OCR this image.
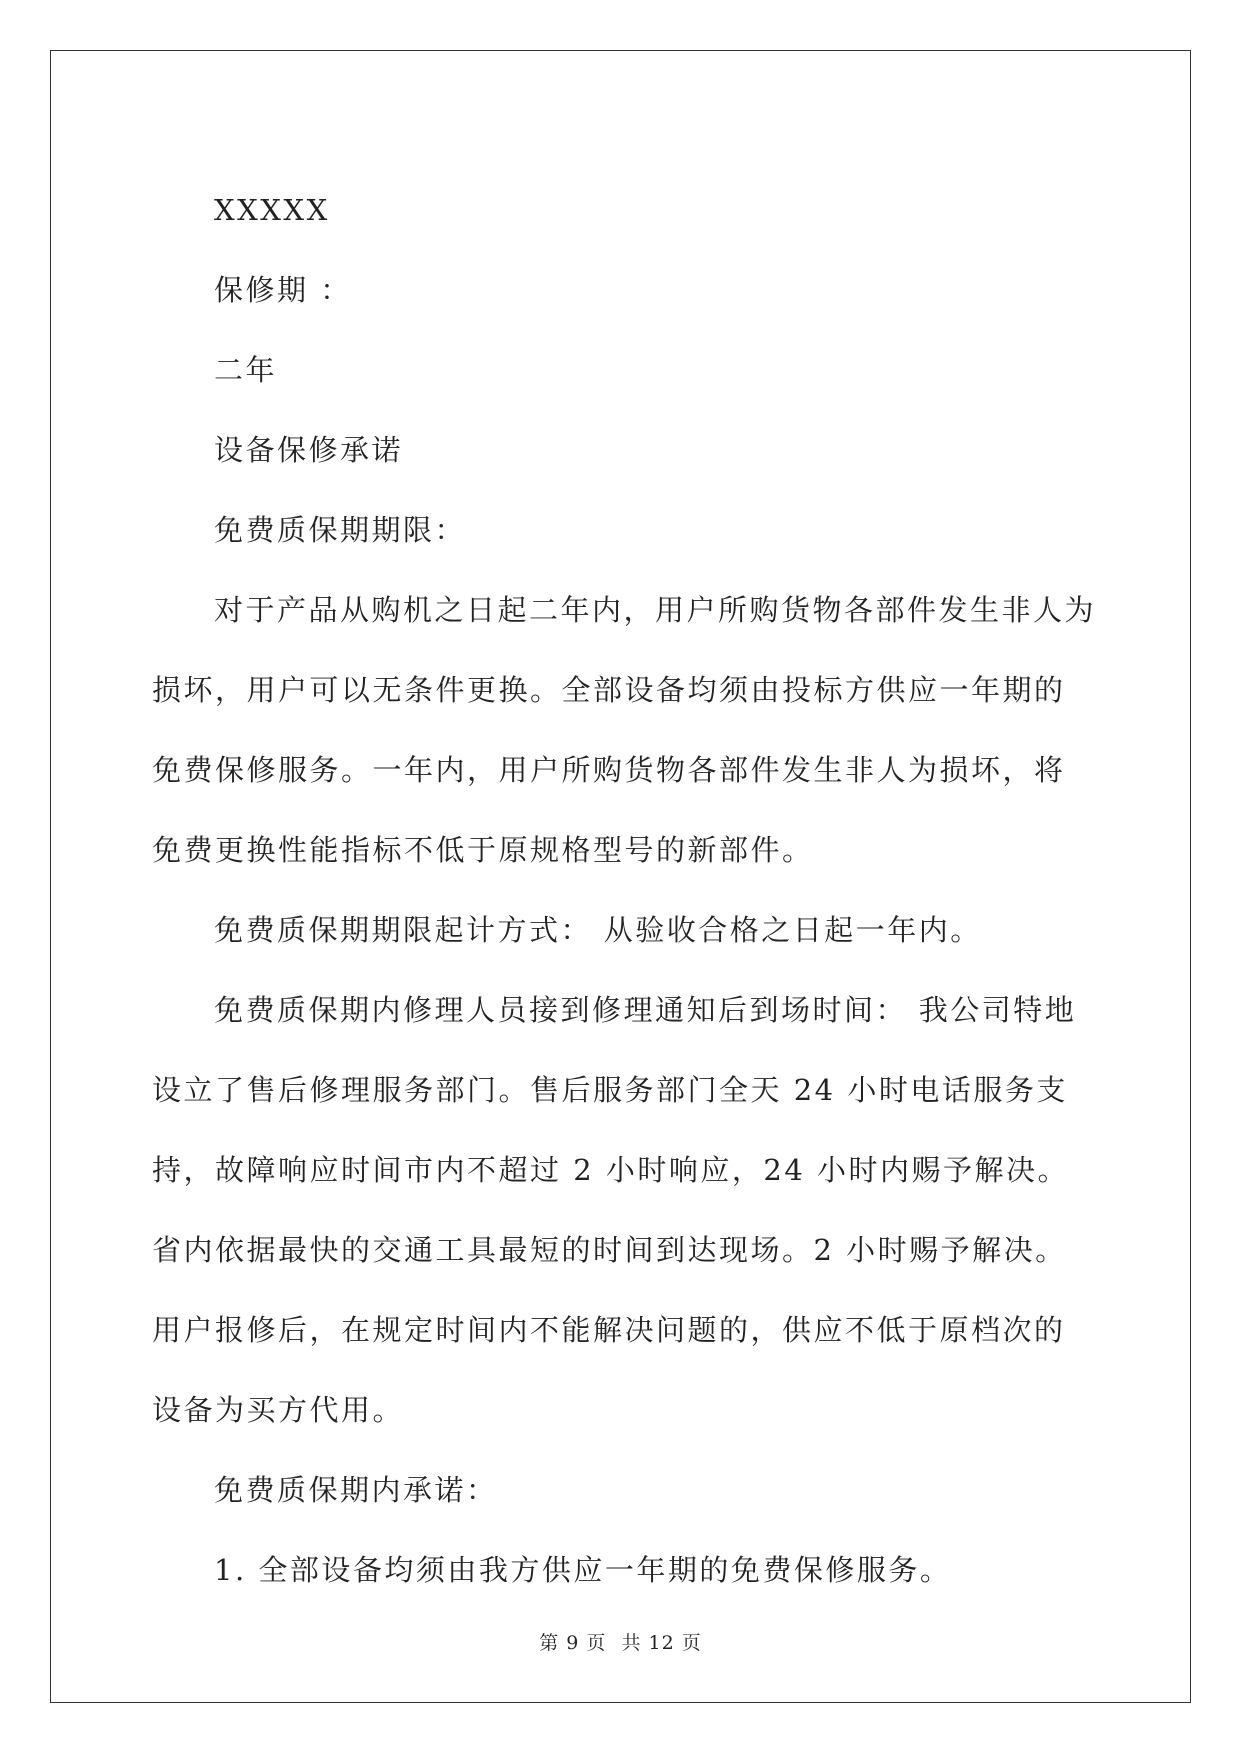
XXXXX

保修期 ：

二年

设备保修承诺

免费质保期期限：

对于产品从购机之日起二年内，用户所购货物各部件发生非人为损坏，用户可以无条件更换。全部设备均须由投标方供应一年期的免费保修服务。一年内，用户所购货物各部件发生非人为损坏，将免费更换性能指标不低于原规格型号的新部件。

免费质保期期限起计方式： 从验收合格之日起一年内。

免费质保期内修理人员接到修理通知后到场时间： 我公司特地设立了售后修理服务部门。售后服务部门全天 24 小时电话服务支持，故障响应时间市内不超过 2 小时响应，24 小时内赐予解决。省内依据最快的交通工具最短的时间到达现场。2 小时赐予解决。用户报修后，在规定时间内不能解决问题的，供应不低于原档次的设备为买方代用。

免费质保期内承诺：

1. 全部设备均须由我方供应一年期的免费保修服务。

第 9 页 共 12 页
